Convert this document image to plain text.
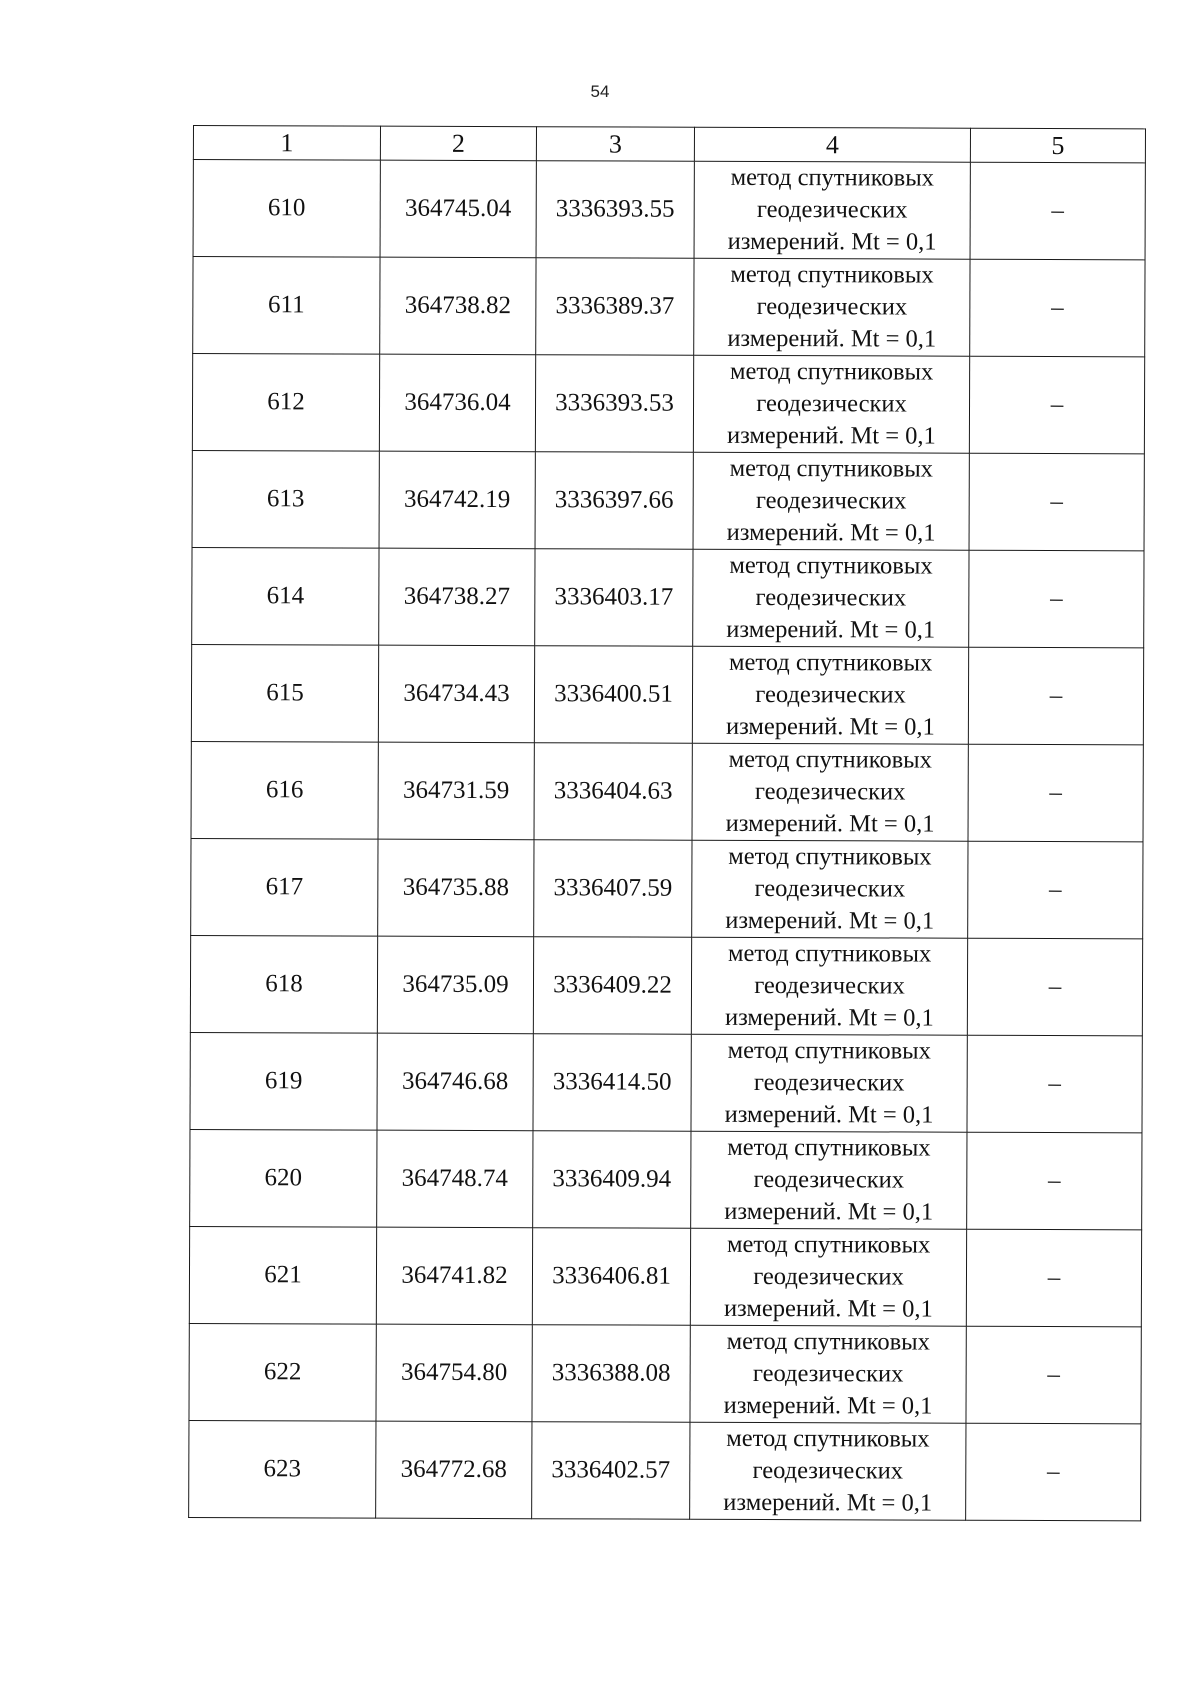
54
1	2	3	4	5
610	364745.04	3336393.55	метод спутниковых
геодезических
измерений. Mt = 0,1	–
611	364738.82	3336389.37	метод спутниковых
геодезических
измерений. Mt = 0,1	–
612	364736.04	3336393.53	метод спутниковых
геодезических
измерений. Mt = 0,1	–
613	364742.19	3336397.66	метод спутниковых
геодезических
измерений. Mt = 0,1	–
614	364738.27	3336403.17	метод спутниковых
геодезических
измерений. Mt = 0,1	–
615	364734.43	3336400.51	метод спутниковых
геодезических
измерений. Mt = 0,1	–
616	364731.59	3336404.63	метод спутниковых
геодезических
измерений. Mt = 0,1	–
617	364735.88	3336407.59	метод спутниковых
геодезических
измерений. Mt = 0,1	–
618	364735.09	3336409.22	метод спутниковых
геодезических
измерений. Mt = 0,1	–
619	364746.68	3336414.50	метод спутниковых
геодезических
измерений. Mt = 0,1	–
620	364748.74	3336409.94	метод спутниковых
геодезических
измерений. Mt = 0,1	–
621	364741.82	3336406.81	метод спутниковых
геодезических
измерений. Mt = 0,1	–
622	364754.80	3336388.08	метод спутниковых
геодезических
измерений. Mt = 0,1	–
623	364772.68	3336402.57	метод спутниковых
геодезических
измерений. Mt = 0,1	–
